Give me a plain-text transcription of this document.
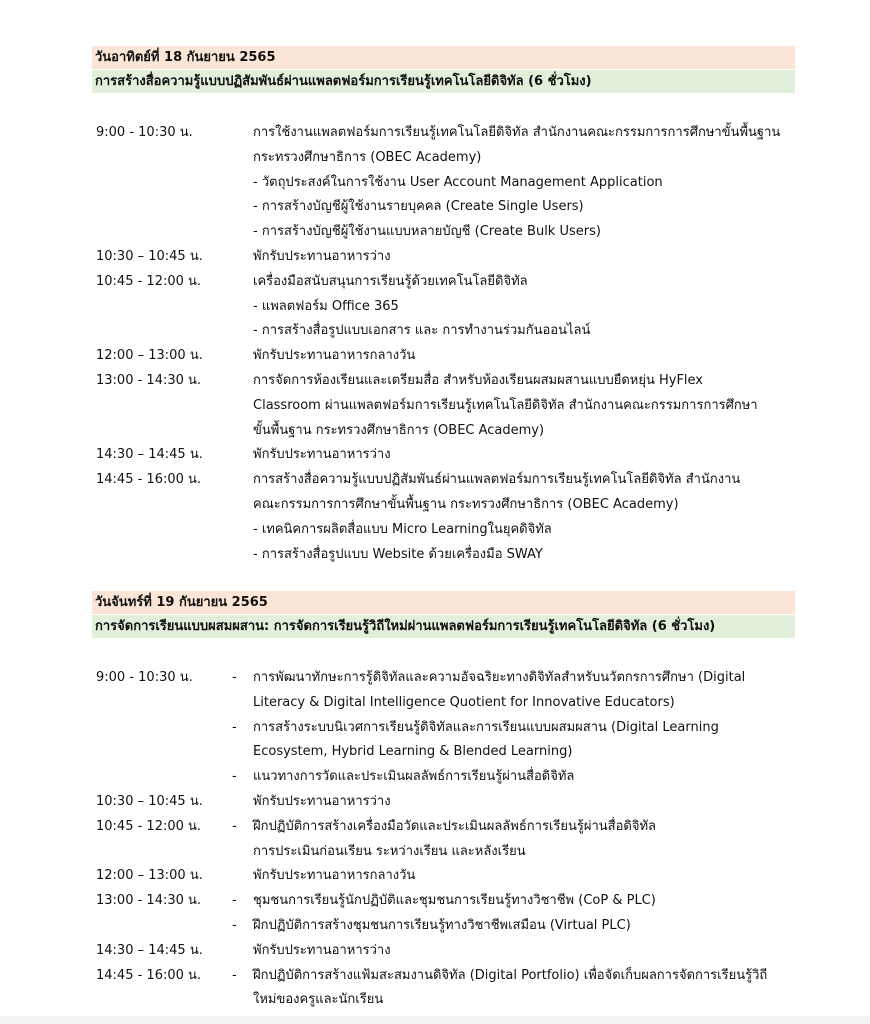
วันอาทิตย์ที่ 18 กันยายน 2565
การสร้างสื่อความรู้แบบปฏิสัมพันธ์ผ่านแพลตฟอร์มการเรียนรู้เทคโนโลยีดิจิทัล (6 ชั่วโมง)
9:00 - 10:30 น.	การใช้งานแพลตฟอร์มการเรียนรู้เทคโนโลยีดิจิทัล สำนักงานคณะกรรมการการศึกษาขั้นพื้นฐาน
กระทรวงศึกษาธิการ (OBEC Academy)
- วัตถุประสงค์ในการใช้งาน User Account Management Application
- การสร้างบัญชีผู้ใช้งานรายบุคคล (Create Single Users)
- การสร้างบัญชีผู้ใช้งานแบบหลายบัญชี (Create Bulk Users)
10:30 – 10:45 น.	พักรับประทานอาหารว่าง
10:45 - 12:00 น.	เครื่องมือสนับสนุนการเรียนรู้ด้วยเทคโนโลยีดิจิทัล
- แพลตฟอร์ม Office 365
- การสร้างสื่อรูปแบบเอกสาร และ การทำงานร่วมกันออนไลน์
12:00 – 13:00 น.	พักรับประทานอาหารกลางวัน
13:00 - 14:30 น.	การจัดการห้องเรียนและเตรียมสื่อ สำหรับห้องเรียนผสมผสานแบบยืดหยุ่น HyFlex
Classroom ผ่านแพลตฟอร์มการเรียนรู้เทคโนโลยีดิจิทัล สำนักงานคณะกรรมการการศึกษา
ขั้นพื้นฐาน กระทรวงศึกษาธิการ (OBEC Academy)
14:30 – 14:45 น.	พักรับประทานอาหารว่าง
14:45 - 16:00 น.	การสร้างสื่อความรู้แบบปฏิสัมพันธ์ผ่านแพลตฟอร์มการเรียนรู้เทคโนโลยีดิจิทัล สำนักงาน
คณะกรรมการการศึกษาขั้นพื้นฐาน กระทรวงศึกษาธิการ (OBEC Academy)
- เทคนิคการผลิตสื่อแบบ Micro Learningในยุคดิจิทัล
- การสร้างสื่อรูปแบบ Website ด้วยเครื่องมือ SWAY
วันจันทร์ที่ 19 กันยายน 2565
การจัดการเรียนแบบผสมผสาน: การจัดการเรียนรู้วิถีใหม่ผ่านแพลตฟอร์มการเรียนรู้เทคโนโลยีดิจิทัล (6 ชั่วโมง)
9:00 - 10:30 น.	- การพัฒนาทักษะการรู้ดิจิทัลและความอัจฉริยะทางดิจิทัลสำหรับนวัตกรการศึกษา (Digital
Literacy & Digital Intelligence Quotient for Innovative Educators)
- การสร้างระบบนิเวศการเรียนรู้ดิจิทัลและการเรียนแบบผสมผสาน (Digital Learning
Ecosystem, Hybrid Learning & Blended Learning)
- แนวทางการวัดและประเมินผลลัพธ์การเรียนรู้ผ่านสื่อดิจิทัล
10:30 – 10:45 น.	พักรับประทานอาหารว่าง
10:45 - 12:00 น. - ฝึกปฏิบัติการสร้างเครื่องมือวัดและประเมินผลลัพธ์การเรียนรู้ผ่านสื่อดิจิทัล
การประเมินก่อนเรียน ระหว่างเรียน และหลังเรียน
12:00 – 13:00 น.	พักรับประทานอาหารกลางวัน
13:00 - 14:30 น. - ชุมชนการเรียนรู้นักปฏิบัติและชุมชนการเรียนรู้ทางวิชาชีพ (CoP & PLC)
- ฝึกปฏิบัติการสร้างชุมชนการเรียนรู้ทางวิชาชีพเสมือน (Virtual PLC)
14:30 – 14:45 น.	พักรับประทานอาหารว่าง
14:45 - 16:00 น. - ฝึกปฏิบัติการสร้างแฟ้มสะสมงานดิจิทัล (Digital Portfolio) เพื่อจัดเก็บผลการจัดการเรียนรู้วิถี
ใหม่ของครูและนักเรียน
